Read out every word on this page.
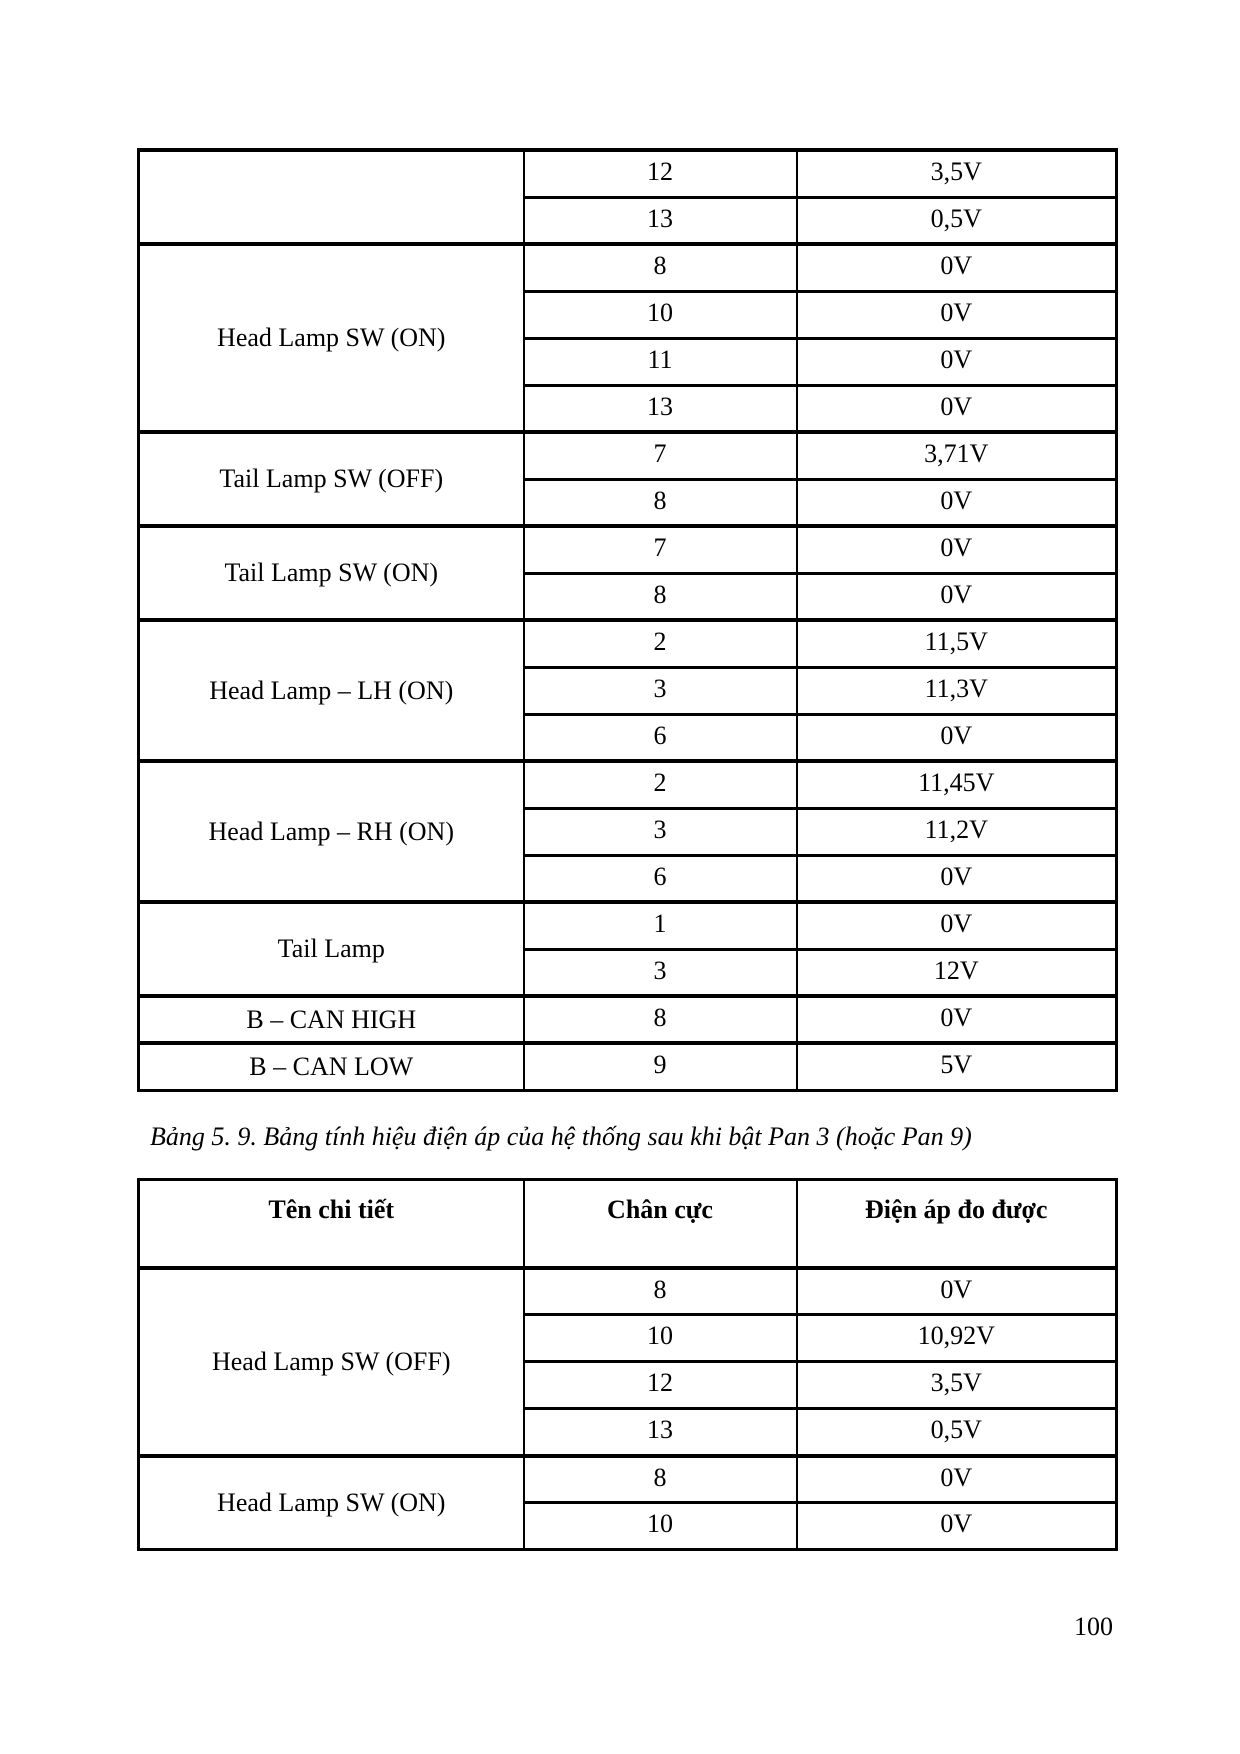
	12	3,5V
	13	0,5V
Head Lamp SW (ON)	8	0V
	10	0V
	11	0V
	13	0V
Tail Lamp SW (OFF)	7	3,71V
	8	0V
Tail Lamp SW (ON)	7	0V
	8	0V
Head Lamp – LH (ON)	2	11,5V
	3	11,3V
	6	0V
Head Lamp – RH (ON)	2	11,45V
	3	11,2V
	6	0V
Tail Lamp	1	0V
	3	12V
B – CAN HIGH	8	0V
B – CAN LOW	9	5V
Bảng 5. 9. Bảng tính hiệu điện áp của hệ thống sau khi bật Pan 3 (hoặc Pan 9)
Tên chi tiết	Chân cực	Điện áp đo được
Head Lamp SW (OFF)	8	0V
	10	10,92V
	12	3,5V
	13	0,5V
Head Lamp SW (ON)	8	0V
	10	0V
100
